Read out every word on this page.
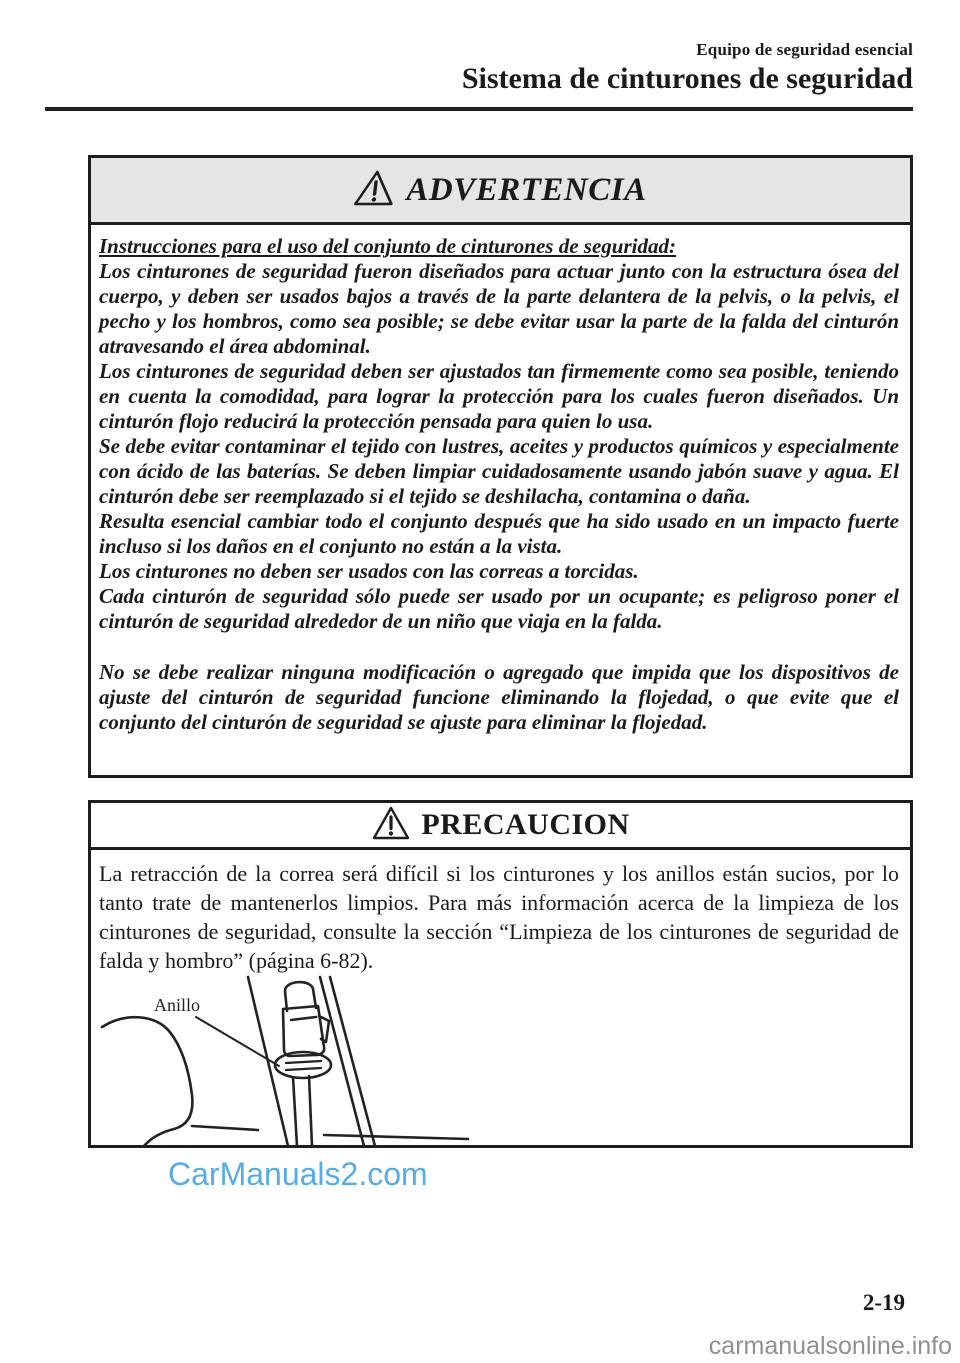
Equipo de seguridad esencial
Sistema de cinturones de seguridad
ADVERTENCIA

Instrucciones para el uso del conjunto de cinturones de seguridad:

Los cinturones de seguridad fueron diseñados para actuar junto con la estructura ósea del cuerpo, y deben ser usados bajos a través de la parte delantera de la pelvis, o la pelvis, el pecho y los hombros, como sea posible; se debe evitar usar la parte de la falda del cinturón atravesando el área abdominal.

Los cinturones de seguridad deben ser ajustados tan firmemente como sea posible, teniendo en cuenta la comodidad, para lograr la protección para los cuales fueron diseñados. Un cinturón flojo reducirá la protección pensada para quien lo usa.

Se debe evitar contaminar el tejido con lustres, aceites y productos químicos y especialmente con ácido de las baterías. Se deben limpiar cuidadosamente usando jabón suave y agua. El cinturón debe ser reemplazado si el tejido se deshilacha, contamina o daña.

Resulta esencial cambiar todo el conjunto después que ha sido usado en un impacto fuerte incluso si los daños en el conjunto no están a la vista.

Los cinturones no deben ser usados con las correas a torcidas.

Cada cinturón de seguridad sólo puede ser usado por un ocupante; es peligroso poner el cinturón de seguridad alrededor de un niño que viaja en la falda.

No se debe realizar ninguna modificación o agregado que impida que los dispositivos de ajuste del cinturón de seguridad funcione eliminando la flojedad, o que evite que el conjunto del cinturón de seguridad se ajuste para eliminar la flojedad.

PRECAUCION

La retracción de la correa será difícil si los cinturones y los anillos están sucios, por lo tanto trate de mantenerlos limpios. Para más información acerca de la limpieza de los cinturones de seguridad, consulte la sección “Limpieza de los cinturones de seguridad de falda y hombro” (página 6-82).

Anillo
CarManuals2.com
2-19
carmanualsonline.info
